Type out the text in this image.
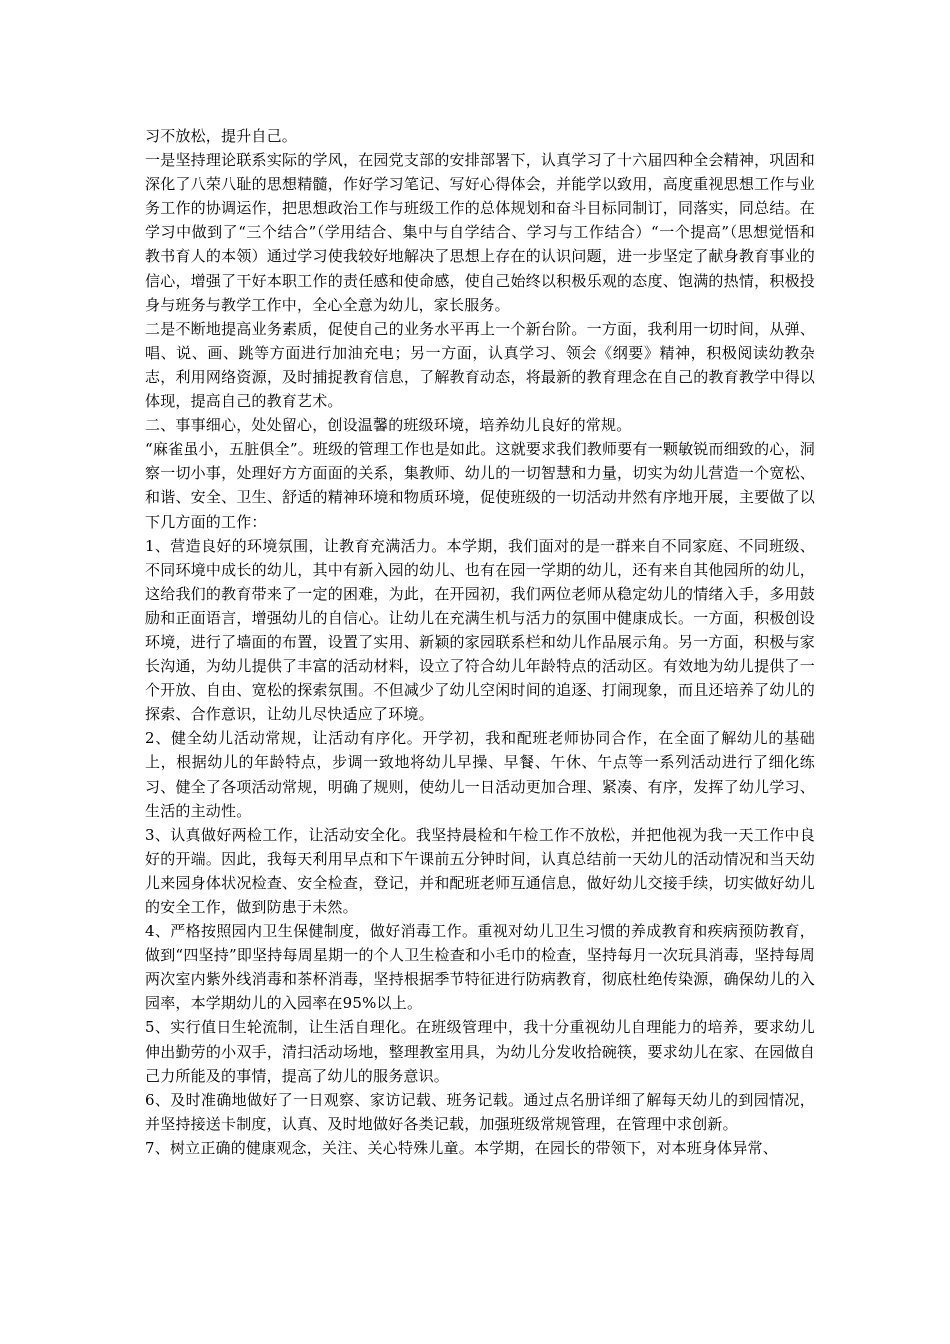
习不放松，提升自己。

一是坚持理论联系实际的学风，在园党支部的安排部署下，认真学习了十六届四种全会精神，巩固和深化了八荣八耻的思想精髓，作好学习笔记、写好心得体会，并能学以致用，高度重视思想工作与业务工作的协调运作，把思想政治工作与班级工作的总体规划和奋斗目标同制订，同落实，同总结。在学习中做到了“三个结合”（学用结合、集中与自学结合、学习与工作结合）“一个提高”（思想觉悟和教书育人的本领）通过学习使我较好地解决了思想上存在的认识问题，进一步坚定了献身教育事业的信心，增强了干好本职工作的责任感和使命感，使自己始终以积极乐观的态度、饱满的热情，积极投身与班务与教学工作中，全心全意为幼儿，家长服务。

二是不断地提高业务素质，促使自己的业务水平再上一个新台阶。一方面，我利用一切时间，从弹、唱、说、画、跳等方面进行加油充电；另一方面，认真学习、领会《纲要》精神，积极阅读幼教杂志，利用网络资源，及时捕捉教育信息，了解教育动态，将最新的教育理念在自己的教育教学中得以体现，提高自己的教育艺术。

二、事事细心，处处留心，创设温馨的班级环境，培养幼儿良好的常规。

“麻雀虽小，五脏俱全”。班级的管理工作也是如此。这就要求我们教师要有一颗敏锐而细致的心，洞察一切小事，处理好方方面面的关系，集教师、幼儿的一切智慧和力量，切实为幼儿营造一个宽松、和谐、安全、卫生、舒适的精神环境和物质环境，促使班级的一切活动井然有序地开展，主要做了以下几方面的工作：

1、营造良好的环境氛围，让教育充满活力。本学期，我们面对的是一群来自不同家庭、不同班级、不同环境中成长的幼儿，其中有新入园的幼儿、也有在园一学期的幼儿，还有来自其他园所的幼儿，这给我们的教育带来了一定的困难，为此，在开园初，我们两位老师从稳定幼儿的情绪入手，多用鼓励和正面语言，增强幼儿的自信心。让幼儿在充满生机与活力的氛围中健康成长。一方面，积极创设环境，进行了墙面的布置，设置了实用、新颖的家园联系栏和幼儿作品展示角。另一方面，积极与家长沟通，为幼儿提供了丰富的活动材料，设立了符合幼儿年龄特点的活动区。有效地为幼儿提供了一个开放、自由、宽松的探索氛围。不但减少了幼儿空闲时间的追逐、打闹现象，而且还培养了幼儿的探索、合作意识，让幼儿尽快适应了环境。

2、健全幼儿活动常规，让活动有序化。开学初，我和配班老师协同合作，在全面了解幼儿的基础上，根据幼儿的年龄特点，步调一致地将幼儿早操、早餐、午休、午点等一系列活动进行了细化练习、健全了各项活动常规，明确了规则，使幼儿一日活动更加合理、紧凑、有序，发挥了幼儿学习、生活的主动性。

3、认真做好两检工作，让活动安全化。我坚持晨检和午检工作不放松，并把他视为我一天工作中良好的开端。因此，我每天利用早点和下午课前五分钟时间，认真总结前一天幼儿的活动情况和当天幼儿来园身体状况检查、安全检查，登记，并和配班老师互通信息，做好幼儿交接手续，切实做好幼儿的安全工作，做到防患于未然。

4、严格按照园内卫生保健制度，做好消毒工作。重视对幼儿卫生习惯的养成教育和疾病预防教育，做到“四坚持”即坚持每周星期一的个人卫生检查和小毛巾的检查，坚持每月一次玩具消毒，坚持每周两次室内紫外线消毒和茶杯消毒，坚持根据季节特征进行防病教育，彻底杜绝传染源，确保幼儿的入园率，本学期幼儿的入园率在95%以上。

5、实行值日生轮流制，让生活自理化。在班级管理中，我十分重视幼儿自理能力的培养，要求幼儿伸出勤劳的小双手，清扫活动场地，整理教室用具，为幼儿分发收拾碗筷，要求幼儿在家、在园做自己力所能及的事情，提高了幼儿的服务意识。

6、及时准确地做好了一日观察、家访记载、班务记载。通过点名册详细了解每天幼儿的到园情况，并坚持接送卡制度，认真、及时地做好各类记载，加强班级常规管理，在管理中求创新。

7、树立正确的健康观念，关注、关心特殊儿童。本学期，在园长的带领下，对本班身体异常、
